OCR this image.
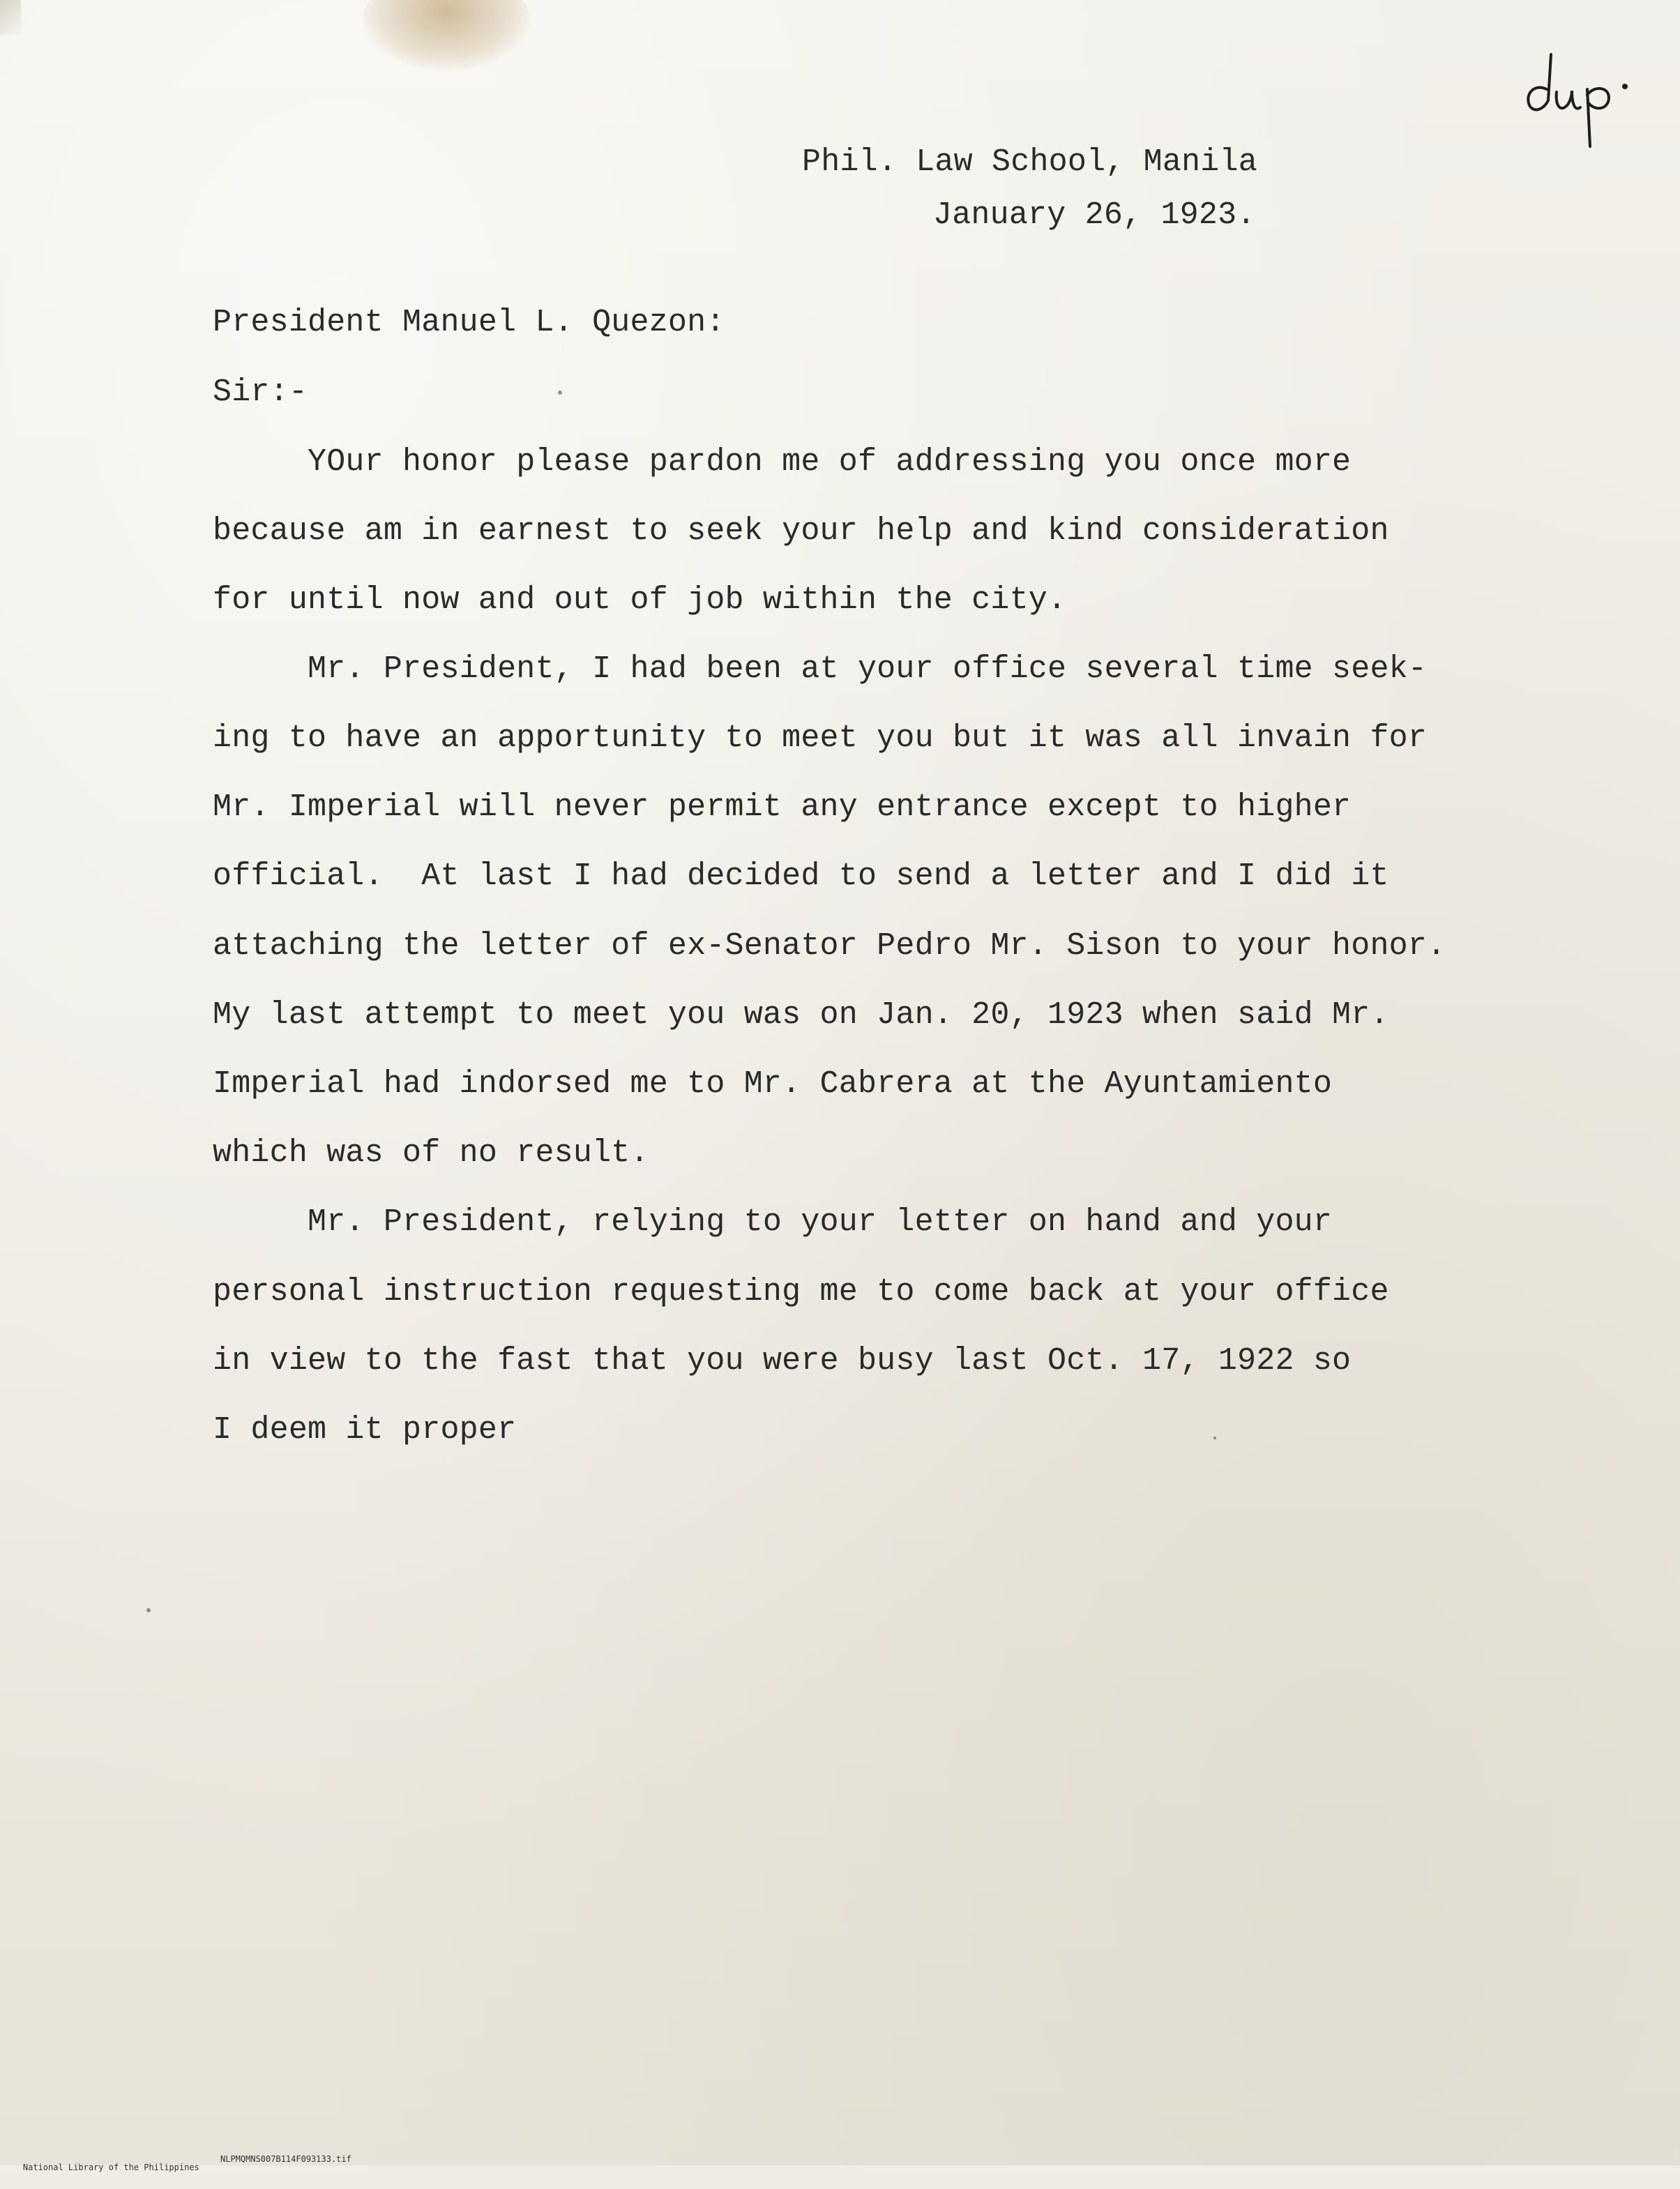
Phil. Law School, Manila
January 26, 1923.
President Manuel L. Quezon:
Sir:-
YOur honor please pardon me of addressing you once more
because am in earnest to seek your help and kind consideration
for until now and out of job within the city.
Mr. President, I had been at your office several time seek-
ing to have an apportunity to meet you but it was all invain for
Mr. Imperial will never permit any entrance except to higher
official.  At last I had decided to send a letter and I did it
attaching the letter of ex-Senator Pedro Mr. Sison to your honor.
My last attempt to meet you was on Jan. 20, 1923 when said Mr.
Imperial had indorsed me to Mr. Cabrera at the Ayuntamiento
which was of no result.
Mr. President, relying to your letter on hand and your
personal instruction requesting me to come back at your office
in view to the fast that you were busy last Oct. 17, 1922 so
I deem it proper

National Library of the Philippines

NLPMQMNS007B114F093133.tif
